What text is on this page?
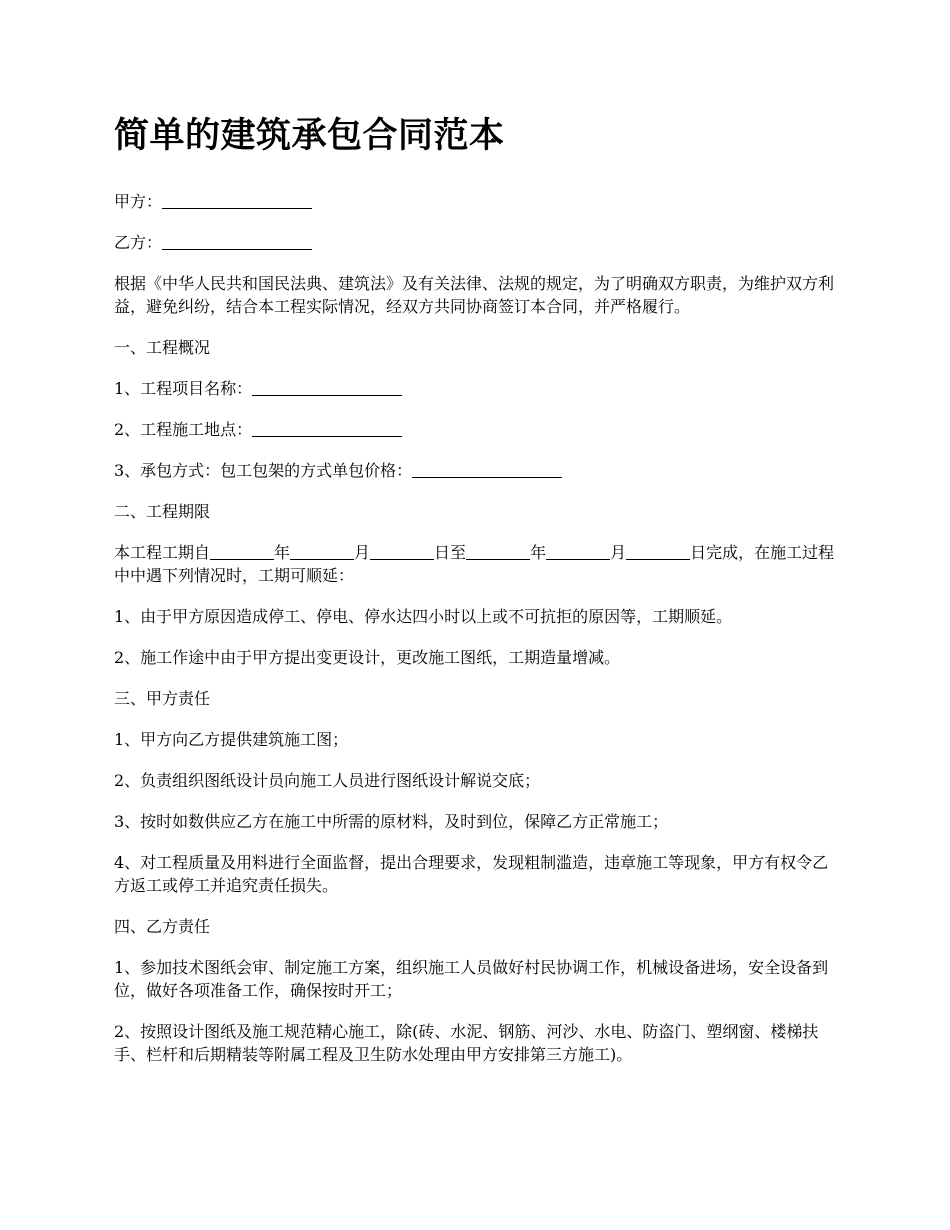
简单的建筑承包合同范本

甲方：

乙方：

根据《中华人民共和国民法典、建筑法》及有关法律、法规的规定，为了明确双方职责，为维护双方利益，避免纠纷，结合本工程实际情况，经双方共同协商签订本合同，并严格履行。

一、工程概况

1、工程项目名称：

2、工程施工地点：

3、承包方式：包工包架的方式单包价格：

二、工程期限

本工程工期自	年	月	日至	年	月	日完成，在施工过程中中遇下列情况时，工期可顺延：

1、由于甲方原因造成停工、停电、停水达四小时以上或不可抗拒的原因等，工期顺延。

2、施工作途中由于甲方提出变更设计，更改施工图纸，工期造量增减。

三、甲方责任

1、甲方向乙方提供建筑施工图；

2、负责组织图纸设计员向施工人员进行图纸设计解说交底；

3、按时如数供应乙方在施工中所需的原材料，及时到位，保障乙方正常施工；

4、对工程质量及用料进行全面监督，提出合理要求，发现粗制滥造，违章施工等现象，甲方有权令乙方返工或停工并追究责任损失。

四、乙方责任

1、参加技术图纸会审、制定施工方案，组织施工人员做好村民协调工作，机械设备进场，安全设备到位，做好各项准备工作，确保按时开工；

2、按照设计图纸及施工规范精心施工，除(砖、水泥、钢筋、河沙、水电、防盗门、塑纲窗、楼梯扶手、栏杆和后期精装等附属工程及卫生防水处理由甲方安排第三方施工)。
